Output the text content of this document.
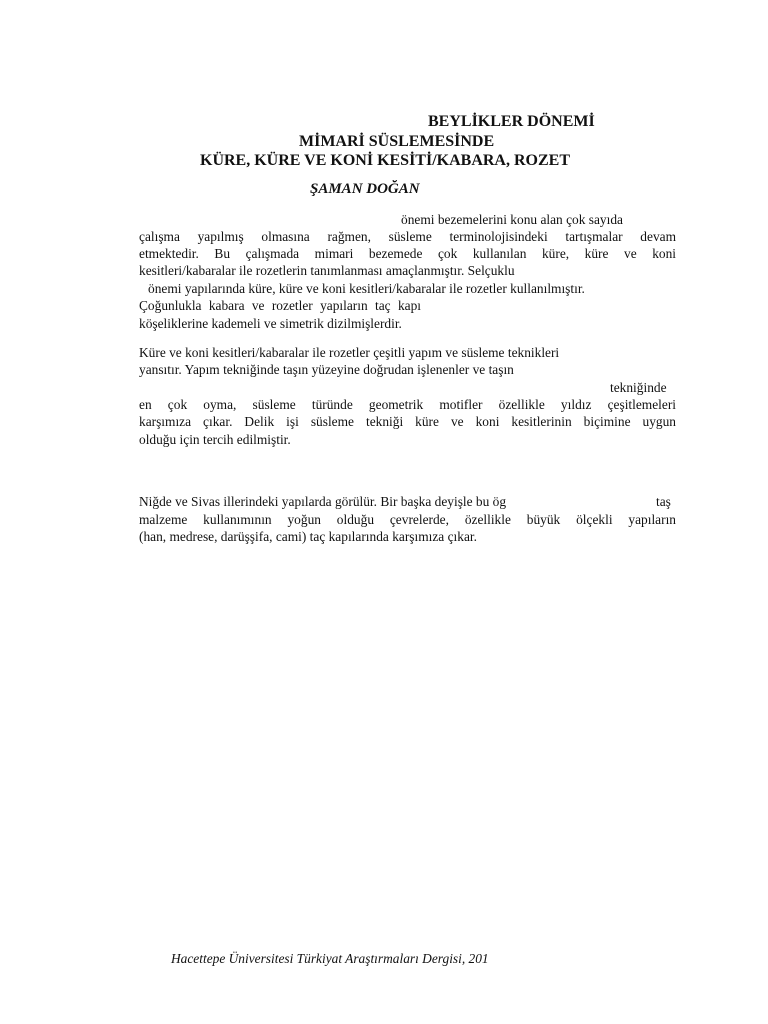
BEYLİKLER DÖNEMİ
MİMARİ SÜSLEMESİNDE
KÜRE, KÜRE VE KONİ KESİTİ/KABARA, ROZET
ŞAMAN DOĞAN
önemi bezemelerini konu alan çok sayıda
çalışma yapılmış olmasına rağmen, süsleme terminolojisindeki tartışmalar devam
etmektedir. Bu çalışmada mimari bezemede çok kullanılan küre, küre ve koni
kesitleri/kabaralar ile rozetlerin tanımlanması amaçlanmıştır. Selçuklu
önemi yapılarında küre, küre ve koni kesitleri/kabaralar ile rozetler kullanılmıştır.
Çoğunlukla kabara ve rozetler yapıların taç kapı
köşeliklerine kademeli ve simetrik dizilmişlerdir.
Küre ve koni kesitleri/kabaralar ile rozetler çeşitli yapım ve süsleme teknikleri
yansıtır. Yapım tekniğinde taşın yüzeyine doğrudan işlenenler ve taşın
tekniğinde
en çok oyma, süsleme türünde geometrik motifler özellikle yıldız çeşitlemeleri
karşımıza çıkar. Delik işi süsleme tekniği küre ve koni kesitlerinin biçimine uygun
olduğu için tercih edilmiştir.
Niğde ve Sivas illerindeki yapılarda görülür. Bir başka deyişle bu ög	taş
malzeme kullanımının yoğun olduğu çevrelerde, özellikle büyük ölçekli yapıların
(han, medrese, darüşşifa, cami) taç kapılarında karşımıza çıkar.
Hacettepe Üniversitesi Türkiyat Araştırmaları Dergisi, 201
